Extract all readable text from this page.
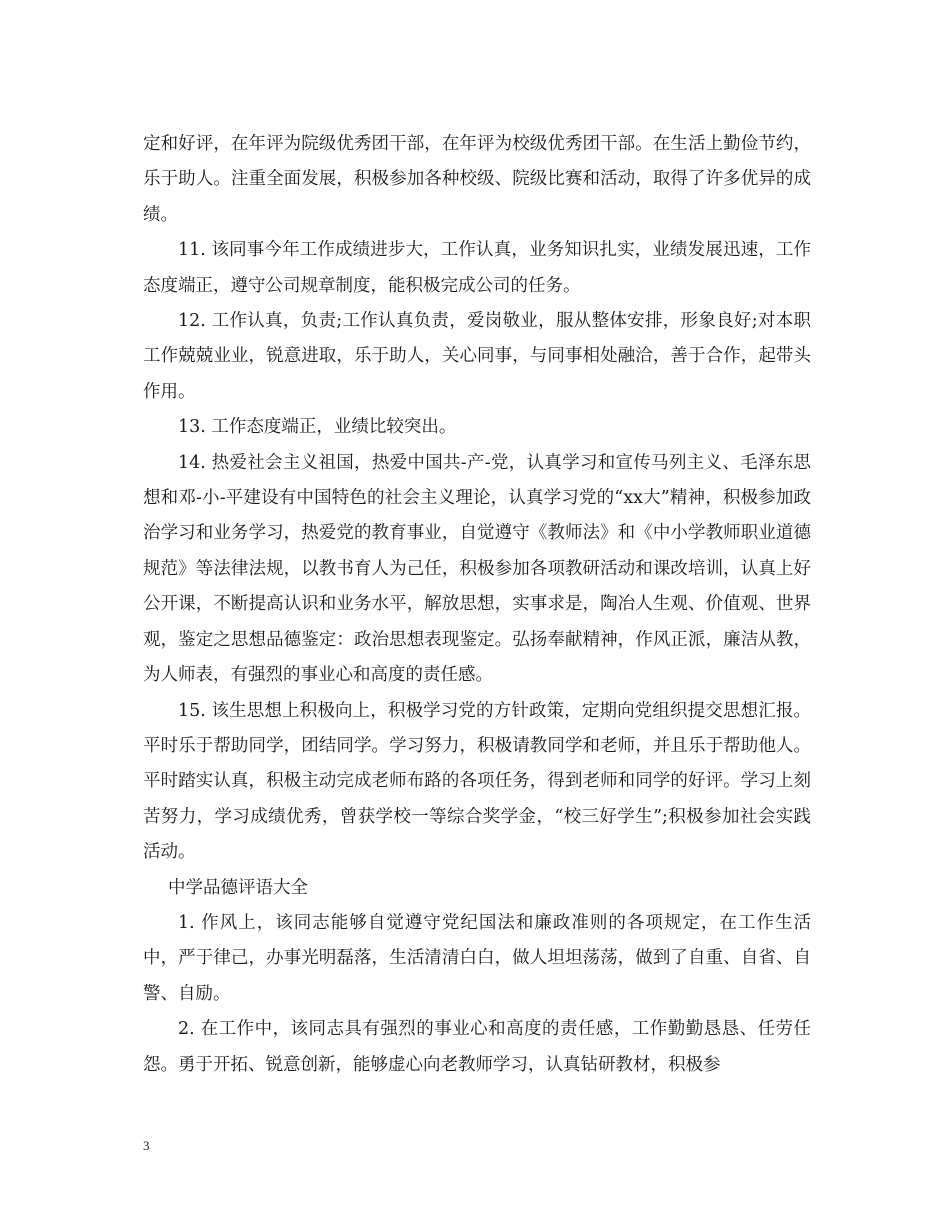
定和好评，在年评为院级优秀团干部，在年评为校级优秀团干部。在生活上勤俭节约，乐于助人。注重全面发展，积极参加各种校级、院级比赛和活动，取得了许多优异的成绩。

11. 该同事今年工作成绩进步大，工作认真，业务知识扎实，业绩发展迅速，工作态度端正，遵守公司规章制度，能积极完成公司的任务。

12. 工作认真，负责;工作认真负责，爱岗敬业，服从整体安排，形象良好;对本职工作兢兢业业，锐意进取，乐于助人，关心同事，与同事相处融洽，善于合作，起带头作用。

13. 工作态度端正，业绩比较突出。

14. 热爱社会主义祖国，热爱中国共-产-党，认真学习和宣传马列主义、毛泽东思想和邓-小-平建设有中国特色的社会主义理论，认真学习党的“xx大”精神，积极参加政治学习和业务学习，热爱党的教育事业，自觉遵守《教师法》和《中小学教师职业道德规范》等法律法规，以教书育人为己任，积极参加各项教研活动和课改培训，认真上好公开课，不断提高认识和业务水平，解放思想，实事求是，陶冶人生观、价值观、世界观，鉴定之思想品德鉴定：政治思想表现鉴定。弘扬奉献精神，作风正派，廉洁从教，为人师表，有强烈的事业心和高度的责任感。

15. 该生思想上积极向上，积极学习党的方针政策，定期向党组织提交思想汇报。平时乐于帮助同学，团结同学。学习努力，积极请教同学和老师，并且乐于帮助他人。平时踏实认真，积极主动完成老师布路的各项任务，得到老师和同学的好评。学习上刻苦努力，学习成绩优秀，曾获学校一等综合奖学金，“校三好学生”;积极参加社会实践活动。

中学品德评语大全

1. 作风上，该同志能够自觉遵守党纪国法和廉政准则的各项规定，在工作生活中，严于律己，办事光明磊落，生活清清白白，做人坦坦荡荡，做到了自重、自省、自警、自励。

2. 在工作中，该同志具有强烈的事业心和高度的责任感，工作勤勤恳恳、任劳任怨。勇于开拓、锐意创新，能够虚心向老教师学习，认真钻研教材，积极参

3
